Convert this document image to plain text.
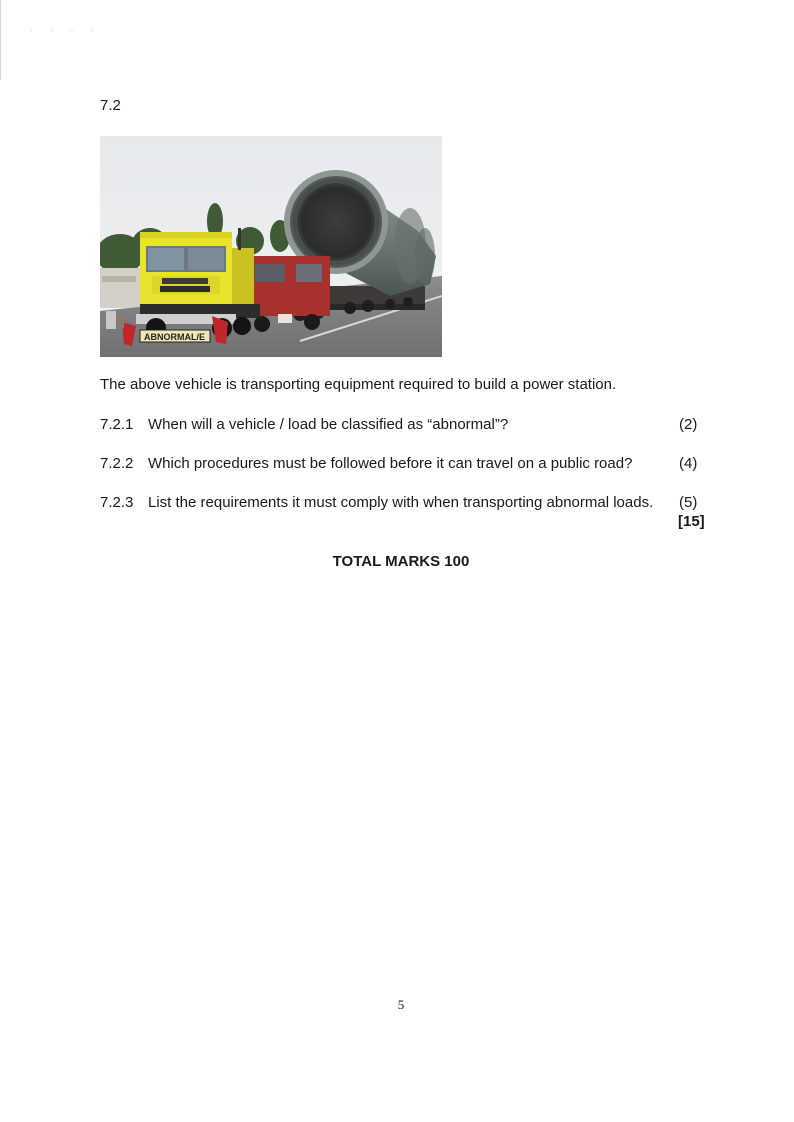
. . . .
7.2
ABNORMAL/E
The above vehicle is transporting equipment required to build a power station.
7.2.1 When will a vehicle / load be classified as “abnormal”?	(2)
7.2.2 Which procedures must be followed before it can travel on a public road?	(4)
7.2.3 List the requirements it must comply with when transporting abnormal loads. (5)
[15]
TOTAL MARKS 100
5
